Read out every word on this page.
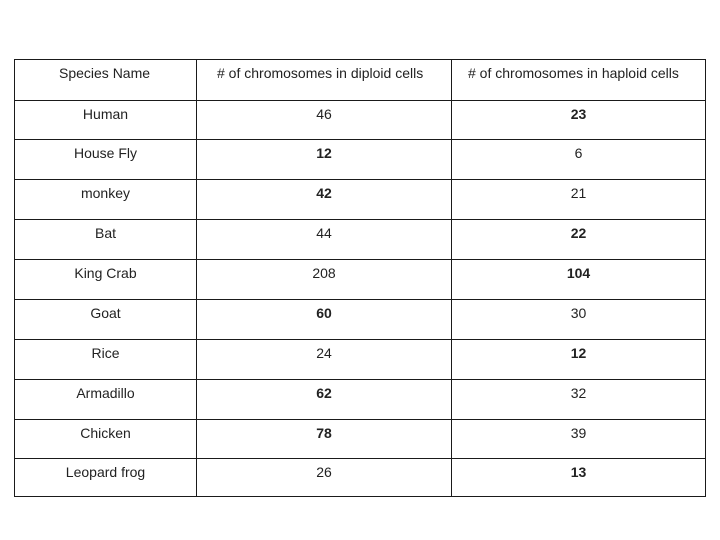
Species Name	# of chromosomes in diploid cells	# of chromosomes in haploid cells
Human	46	23
House Fly	12	6
monkey	42	21
Bat	44	22
King Crab	208	104
Goat	60	30
Rice	24	12
Armadillo	62	32
Chicken	78	39
Leopard frog	26	13
